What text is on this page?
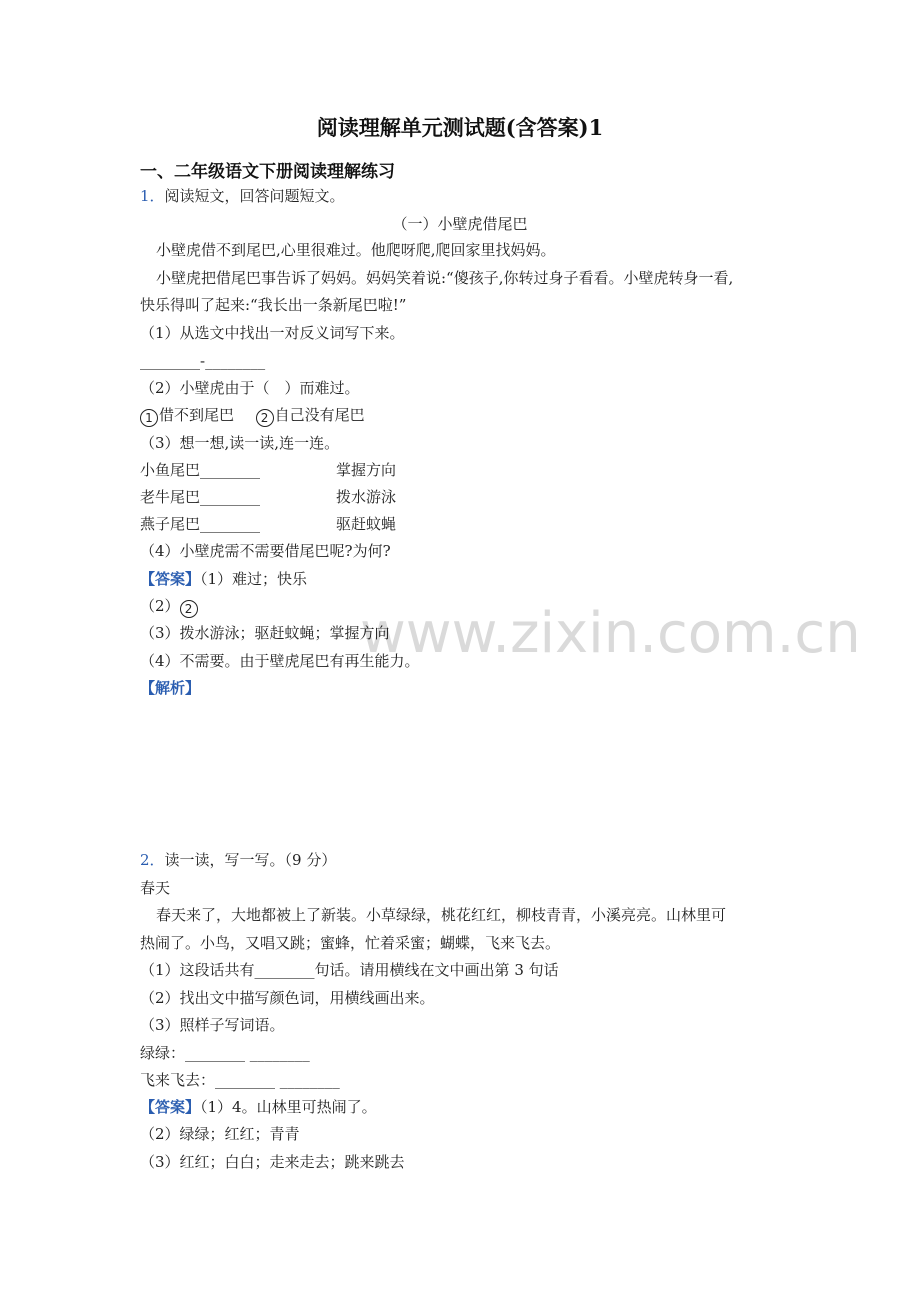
www.zixin.com.cn
阅读理解单元测试题(含答案)1
一、二年级语文下册阅读理解练习
1．阅读短文，回答问题短文。
（一）小壁虎借尾巴
小壁虎借不到尾巴,心里很难过。他爬呀爬,爬回家里找妈妈。
小壁虎把借尾巴事告诉了妈妈。妈妈笑着说:“傻孩子,你转过身子看看。小壁虎转身一看,
快乐得叫了起来:“我长出一条新尾巴啦!”
（1）从选文中找出一对反义词写下来。
________-________
（2）小壁虎由于（　）而难过。
1 借不到尾巴 2 自己没有尾巴
（3）想一想,读一读,连一连。
小鱼尾巴________	掌握方向
老牛尾巴________	拨水游泳
燕子尾巴________	驱赶蚊蝇
（4）小壁虎需不需要借尾巴呢?为何?
【答案】（1）难过；快乐
（2） 2
（3）拨水游泳；驱赶蚊蝇；掌握方向
（4）不需要。由于壁虎尾巴有再生能力。
【解析】
2．读一读，写一写。（9 分）
春天
春天来了，大地都被上了新装。小草绿绿，桃花红红，柳枝青青，小溪亮亮。山林里可
热闹了。小鸟，又唱又跳；蜜蜂，忙着采蜜；蝴蝶，飞来飞去。
（1）这段话共有________句话。请用横线在文中画出第 3 句话
（2）找出文中描写颜色词，用横线画出来。
（3）照样子写词语。
绿绿：________ ________
飞来飞去：________ ________
【答案】（1）4。山林里可热闹了。
（2）绿绿；红红；青青
（3）红红；白白；走来走去；跳来跳去
